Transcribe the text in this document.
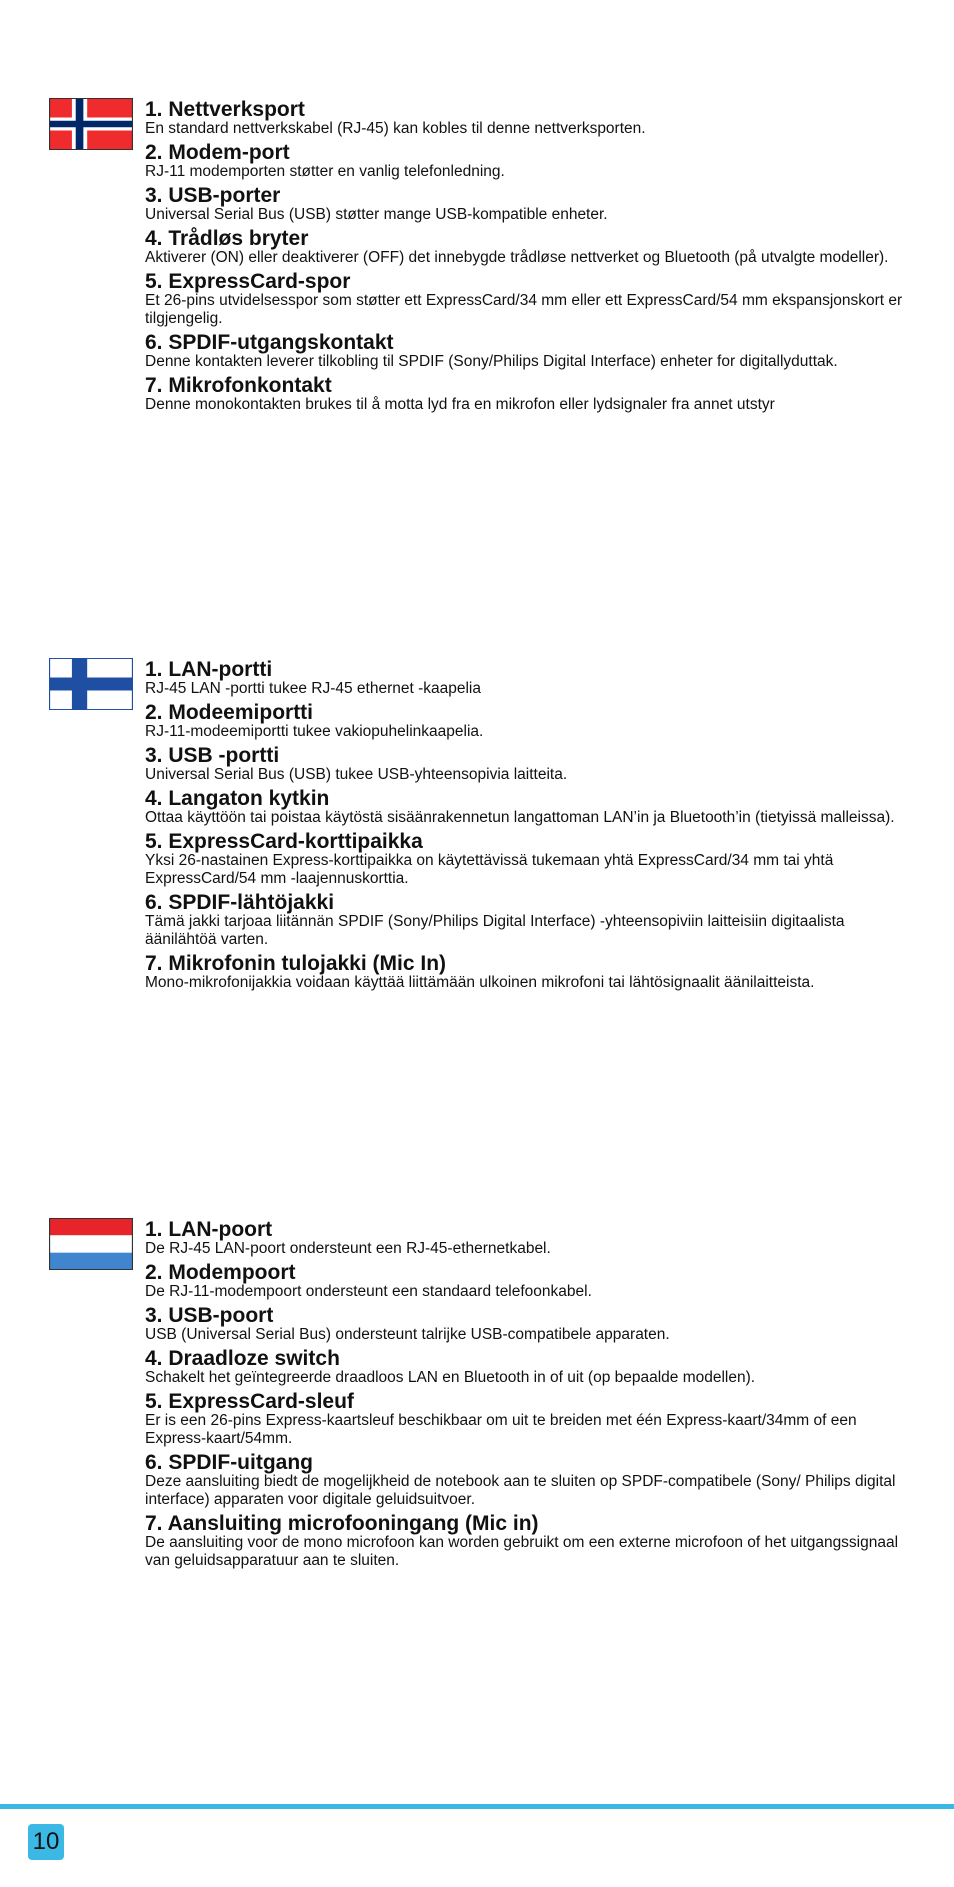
1. Nettverksport
En standard nettverkskabel (RJ-45) kan kobles til denne nettverksporten.
2. Modem-port
RJ-11 modemporten støtter en vanlig telefonledning.
3. USB-porter
Universal Serial Bus (USB) støtter mange USB-kompatible enheter.
4. Trådløs bryter
Aktiverer (ON) eller deaktiverer (OFF) det innebygde trådløse nettverket og Bluetooth (på utvalgte modeller).
5. ExpressCard-spor
Et 26-pins utvidelsesspor som støtter ett ExpressCard/34 mm eller ett ExpressCard/54 mm ekspansjonskort er tilgjengelig.
6. SPDIF-utgangskontakt
Denne kontakten leverer tilkobling til SPDIF (Sony/Philips Digital Interface) enheter for digitallyduttak.
7. Mikrofonkontakt
Denne monokontakten brukes til å motta lyd fra en mikrofon eller lydsignaler fra annet utstyr
1. LAN-portti
RJ-45 LAN -portti tukee RJ-45 ethernet -kaapelia
2. Modeemiportti
RJ-11-modeemiportti tukee vakiopuhelinkaapelia.
3. USB -portti
Universal Serial Bus (USB) tukee USB-yhteensopivia laitteita.
4. Langaton kytkin
Ottaa käyttöön tai poistaa käytöstä sisäänrakennetun langattoman LAN’in ja Bluetooth’in (tietyissä malleissa).
5. ExpressCard-korttipaikka
Yksi 26-nastainen Express-korttipaikka on käytettävissä tukemaan yhtä ExpressCard/34 mm tai yhtä ExpressCard/54 mm -laajennuskorttia.
6. SPDIF-lähtöjakki
Tämä jakki tarjoaa liitännän SPDIF (Sony/Philips Digital Interface) -yhteensopiviin laitteisiin digitaalista äänilähtöä varten.
7. Mikrofonin tulojakki (Mic In)
Mono-mikrofonijakkia voidaan käyttää liittämään ulkoinen mikrofoni tai lähtösignaalit äänilaitteista.
1. LAN-poort
De RJ-45 LAN-poort ondersteunt een RJ-45-ethernetkabel.
2. Modempoort
De RJ-11-modempoort ondersteunt een standaard telefoonkabel.
3. USB-poort
USB (Universal Serial Bus) ondersteunt talrijke USB-compatibele apparaten.
4. Draadloze switch
Schakelt het geïntegreerde draadloos LAN en Bluetooth in of uit (op bepaalde modellen).
5. ExpressCard-sleuf
Er is een 26-pins Express-kaartsleuf beschikbaar om uit te breiden met één Express-kaart/34mm of een Express-kaart/54mm.
6. SPDIF-uitgang
Deze aansluiting biedt de mogelijkheid de notebook aan te sluiten op SPDF-compatibele (Sony/ Philips digital interface) apparaten voor digitale geluidsuitvoer.
7. Aansluiting microfooningang (Mic in)
De aansluiting voor de mono microfoon kan worden gebruikt om een externe microfoon of het uitgangssignaal van geluidsapparatuur aan te sluiten.
10
